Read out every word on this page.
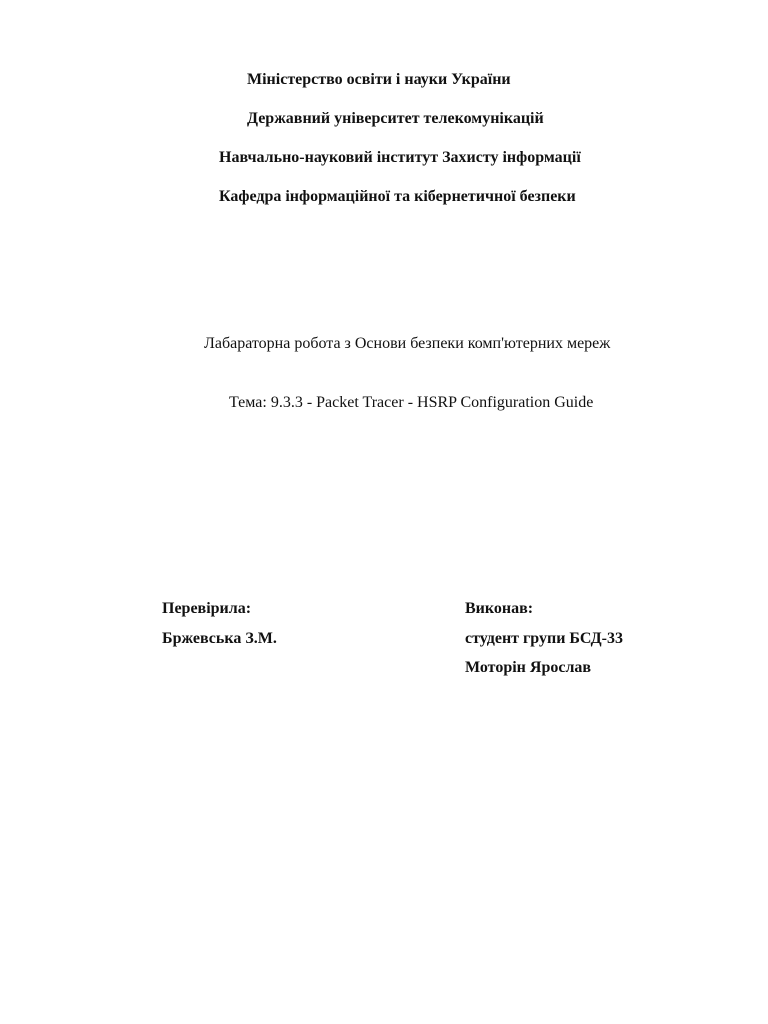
Міністерство освіти і науки України
Державний університет телекомунікацій
Навчально-науковий інститут Захисту інформації
Кафедра інформаційної та кібернетичної безпеки
Лабараторна робота з Основи безпеки комп'ютерних мереж
Тема: 9.3.3 - Packet Tracer - HSRP Configuration Guide
Перевірила:
Бржевська З.М.
Виконав:
студент групи БСД-33
Моторін Ярослав
